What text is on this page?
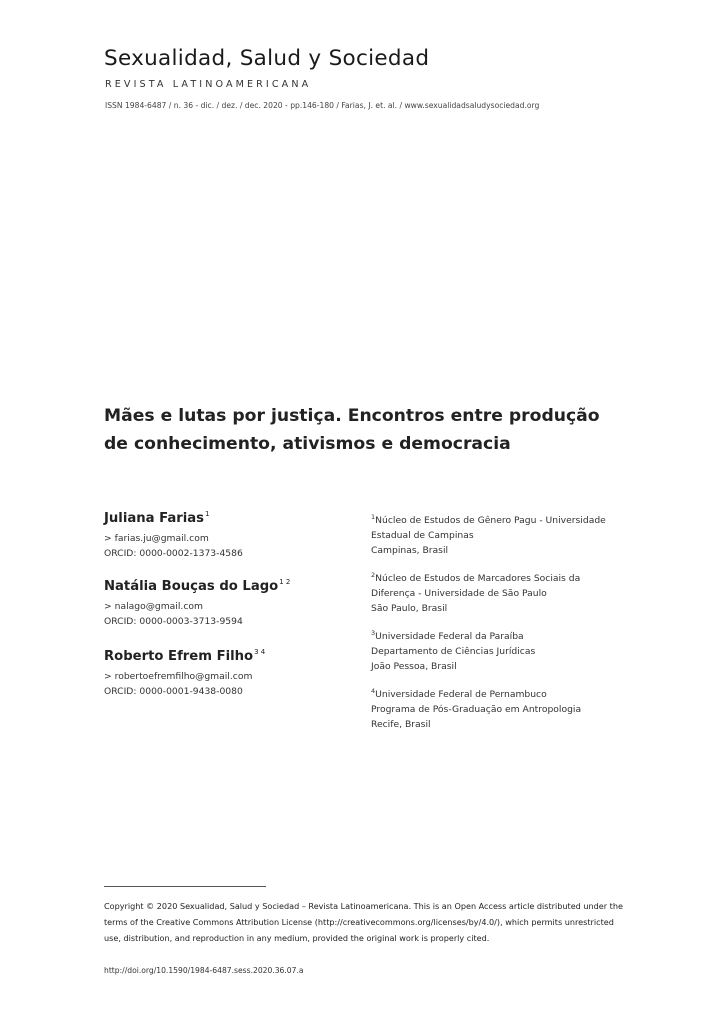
Sexualidad, Salud y Sociedad
REVISTA LATINOAMERICANA
ISSN 1984-6487 / n. 36 - dic. / dez. / dec. 2020 - pp.146-180 / Farias, J. et. al. / www.sexualidadsaludysociedad.org
Mães e lutas por justiça. Encontros entre produção de conhecimento, ativismos e democracia
Juliana Farias$^1$
> farias.ju@gmail.com
ORCID: 0000-0002-1373-4586
Natália Bouças do Lago$^{1 2}$
> nalago@gmail.com
ORCID: 0000-0003-3713-9594
Roberto Efrem Filho$^{3 4}$
> robertoefremfilho@gmail.com
ORCID: 0000-0001-9438-0080
$^1$Núcleo de Estudos de Gênero Pagu - Universidade
Estadual de Campinas
Campinas, Brasil
$^2$Núcleo de Estudos de Marcadores Sociais da
Diferença - Universidade de São Paulo
São Paulo, Brasil
$^3$Universidade Federal da Paraíba
Departamento de Ciências Jurídicas
João Pessoa, Brasil
$^4$Universidade Federal de Pernambuco
Programa de Pós-Graduação em Antropologia
Recife, Brasil
Copyright © 2020 Sexualidad, Salud y Sociedad – Revista Latinoamericana. This is an Open Access article distributed under the terms of the Creative Commons Attribution License (http://creativecommons.org/licenses/by/4.0/), which permits unrestricted use, distribution, and reproduction in any medium, provided the original work is properly cited.
http://doi.org/10.1590/1984-6487.sess.2020.36.07.a
